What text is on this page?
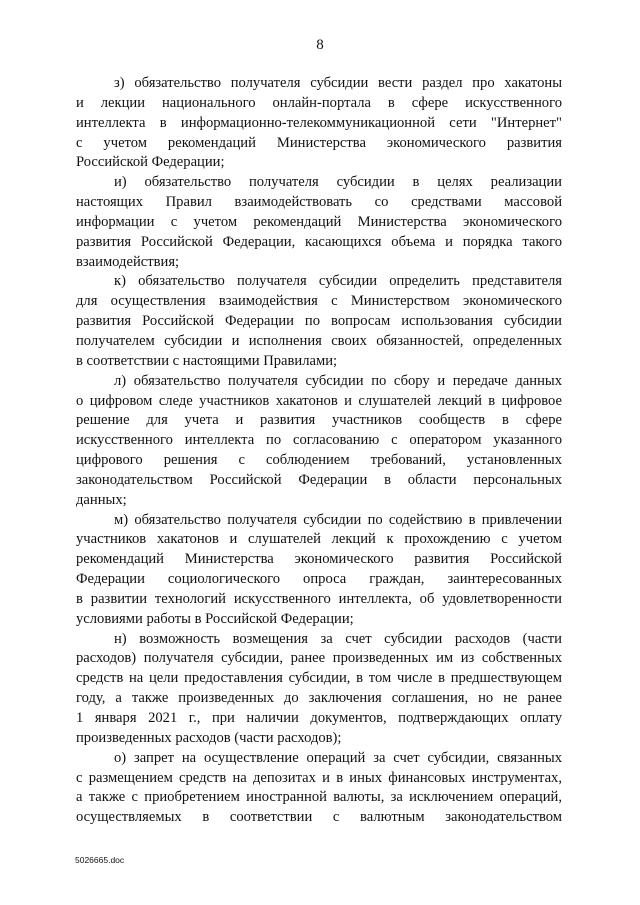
8
з) обязательство получателя субсидии вести раздел про хакатоны
и лекции национального онлайн-портала в сфере искусственного
интеллекта в информационно-телекоммуникационной сети "Интернет"
с учетом рекомендаций Министерства экономического развития
Российской Федерации;
и) обязательство получателя субсидии в целях реализации
настоящих Правил взаимодействовать со средствами массовой
информации с учетом рекомендаций Министерства экономического
развития Российской Федерации, касающихся объема и порядка такого
взаимодействия;
к) обязательство получателя субсидии определить представителя
для осуществления взаимодействия с Министерством экономического
развития Российской Федерации по вопросам использования субсидии
получателем субсидии и исполнения своих обязанностей, определенных
в соответствии с настоящими Правилами;
л) обязательство получателя субсидии по сбору и передаче данных
о цифровом следе участников хакатонов и слушателей лекций в цифровое
решение для учета и развития участников сообществ в сфере
искусственного интеллекта по согласованию с оператором указанного
цифрового решения с соблюдением требований, установленных
законодательством Российской Федерации в области персональных
данных;
м) обязательство получателя субсидии по содействию в привлечении
участников хакатонов и слушателей лекций к прохождению с учетом
рекомендаций Министерства экономического развития Российской
Федерации социологического опроса граждан, заинтересованных
в развитии технологий искусственного интеллекта, об удовлетворенности
условиями работы в Российской Федерации;
н) возможность возмещения за счет субсидии расходов (части
расходов) получателя субсидии, ранее произведенных им из собственных
средств на цели предоставления субсидии, в том числе в предшествующем
году, а также произведенных до заключения соглашения, но не ранее
1 января 2021 г., при наличии документов, подтверждающих оплату
произведенных расходов (части расходов);
о) запрет на осуществление операций за счет субсидии, связанных
с размещением средств на депозитах и в иных финансовых инструментах,
а также с приобретением иностранной валюты, за исключением операций,
осуществляемых в соответствии с валютным законодательством
5026665.doc
